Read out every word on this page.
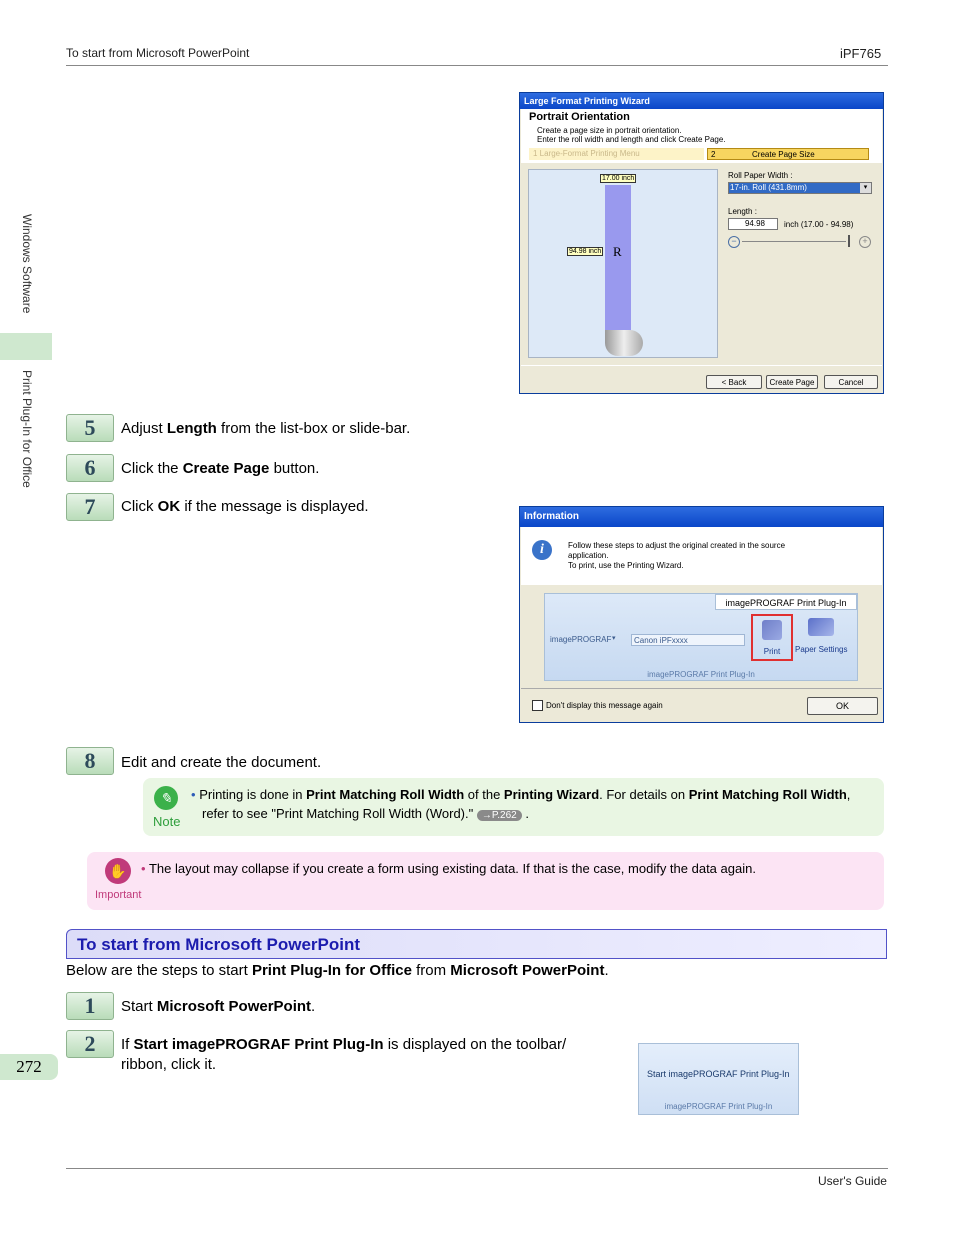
To start from Microsoft PowerPoint	iPF765
Windows Software
Print Plug-In for Office
272
Large Format Printing Wizard
Portrait Orientation
Create a page size in portrait orientation.
Enter the roll width and length and click Create Page.
1 Large-Format Printing Menu	2	Create Page Size
17.00 inch
94.98 inch R
Roll Paper Width :
17-in. Roll (431.8mm)	▾
Length :
94.98	inch (17.00 - 94.98)
−	+
< Back	Create Page	Cancel
5	Adjust Length from the list-box or slide-bar.
6	Click the Create Page button.
7	Click OK if the message is displayed.
Information
i	Follow these steps to adjust the original created in the source
application.
To print, use the Printing Wizard.
imagePROGRAF Print Plug-In
imagePROGRAF ▾	Canon iPFxxxx
Print	Paper Settings
imagePROGRAF Print Plug-In
Don't display this message again	OK
8	Edit and create the document.
✎
Note
• Printing is done in Print Matching Roll Width of the Printing Wizard. For details on Print Matching Roll Width,
refer to see "Print Matching Roll Width (Word)." →P.262 .
✋
Important
• The layout may collapse if you create a form using existing data. If that is the case, modify the data again.
To start from Microsoft PowerPoint
Below are the steps to start Print Plug-In for Office from Microsoft PowerPoint.
1	Start Microsoft PowerPoint.
2	If Start imagePROGRAF Print Plug-In is displayed on the toolbar/
ribbon, click it.
Start imagePROGRAF Print Plug-In
imagePROGRAF Print Plug-In
User's Guide
